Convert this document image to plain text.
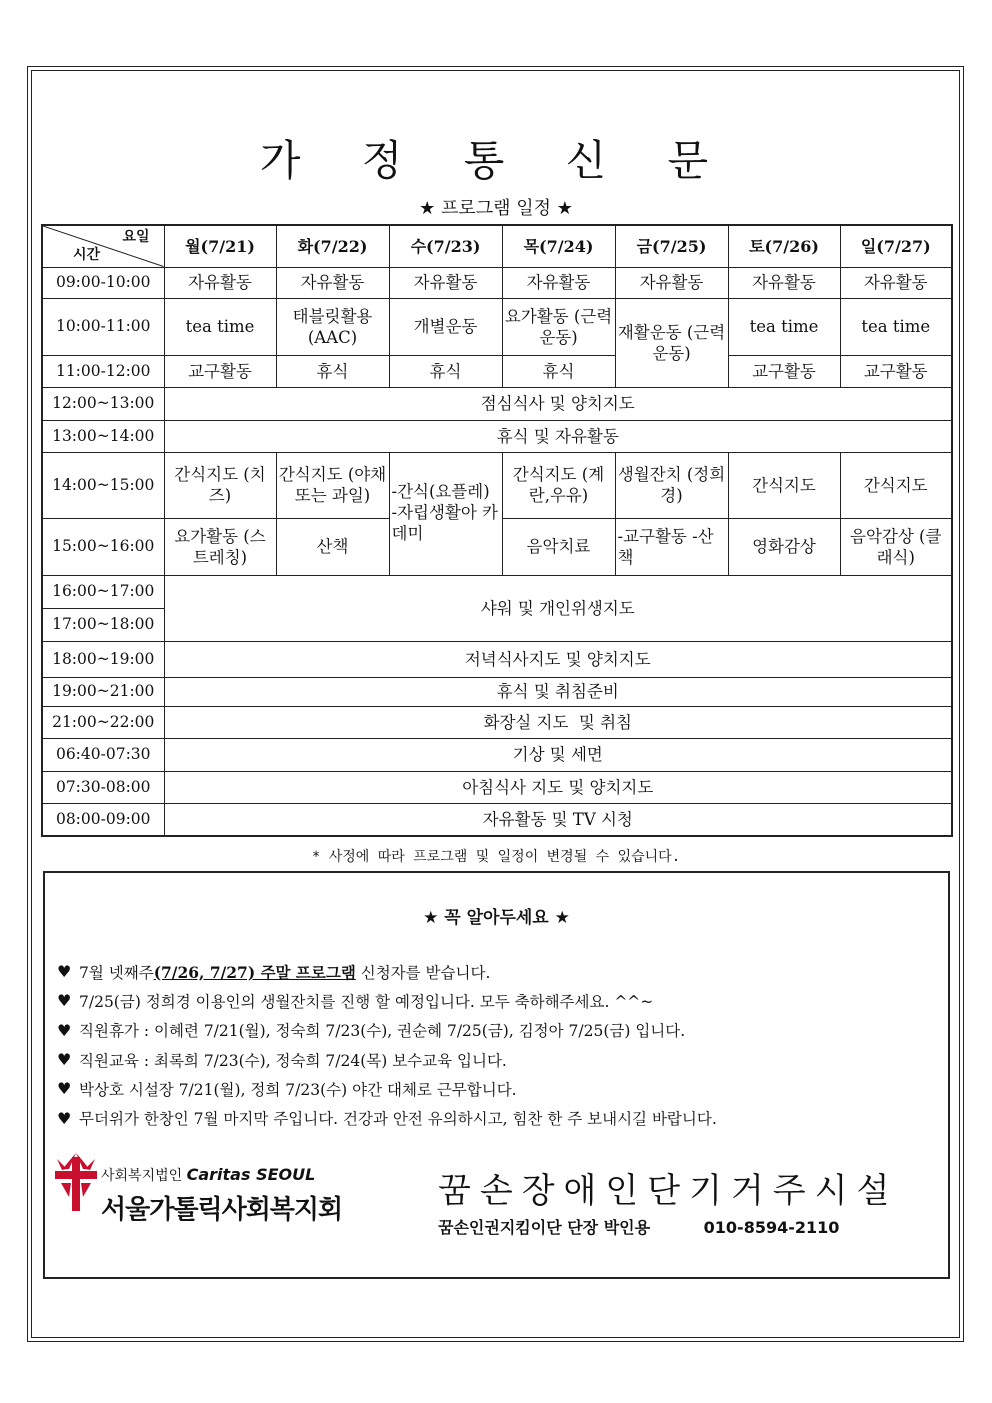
가 정 통 신 문
★ 프로그램 일정 ★
요일
시간	월(7/21)	화(7/22)	수(7/23)	목(7/24)	금(7/25)	토(7/26)	일(7/27)
09:00-10:00	자유활동	자유활동	자유활동	자유활동	자유활동	자유활동	자유활동
10:00-11:00	tea time	태블릿활용 (AAC)	개별운동	요가활동 (근력운동)	재활운동 (근력운동)	tea time	tea time
11:00-12:00	교구활동	휴식	휴식	휴식		교구활동	교구활동
12:00~13:00	점심식사 및 양치지도						
13:00~14:00	휴식 및 자유활동						
14:00~15:00	간식지도 (치즈)	간식지도 (야채 또는 과일)	-간식(요플레) -자립생활아 카데미	간식지도 (계란,우유)	생월잔치 (정희경)	간식지도	간식지도
15:00~16:00	요가활동 (스트레칭)	산책		음악치료	-교구활동 -산책	영화감상	음악감상 (클래식)
16:00~17:00	샤워 및 개인위생지도						
17:00~18:00							
18:00~19:00	저녁식사지도 및 양치지도						
19:00~21:00	휴식 및 취침준비						
21:00~22:00	화장실 지도  및 취침						
06:40-07:30	기상 및 세면						
07:30-08:00	아침식사 지도 및 양치지도						
08:00-09:00	자유활동 및 TV 시청						
* 사정에 따라 프로그램 및 일정이 변경될 수 있습니다.
★ 꼭 알아두세요 ★
♥ 7월 넷째주 (7/26, 7/27) 주말 프로그램 신청자를 받습니다.
♥ 7/25(금) 정희경 이용인의 생월잔치를 진행 할 예정입니다. 모두 축하해주세요. ^^~
♥ 직원휴가 : 이혜련 7/21(월), 정숙희 7/23(수), 권순혜 7/25(금), 김정아 7/25(금) 입니다.
♥ 직원교육 : 최록희 7/23(수), 정숙희 7/24(목) 보수교육 입니다.
♥ 박상호 시설장 7/21(월), 정희 7/23(수) 야간 대체로 근무합니다.
♥ 무더위가 한창인 7월 마지막 주입니다. 건강과 안전 유의하시고, 힘찬 한 주 보내시길 바랍니다.
사회복지법인 Caritas SEOUL
서울가톨릭사회복지회	꿈손장애인단기거주시설
꿈손인권지킴이단 단장 박인용	010-8594-2110
